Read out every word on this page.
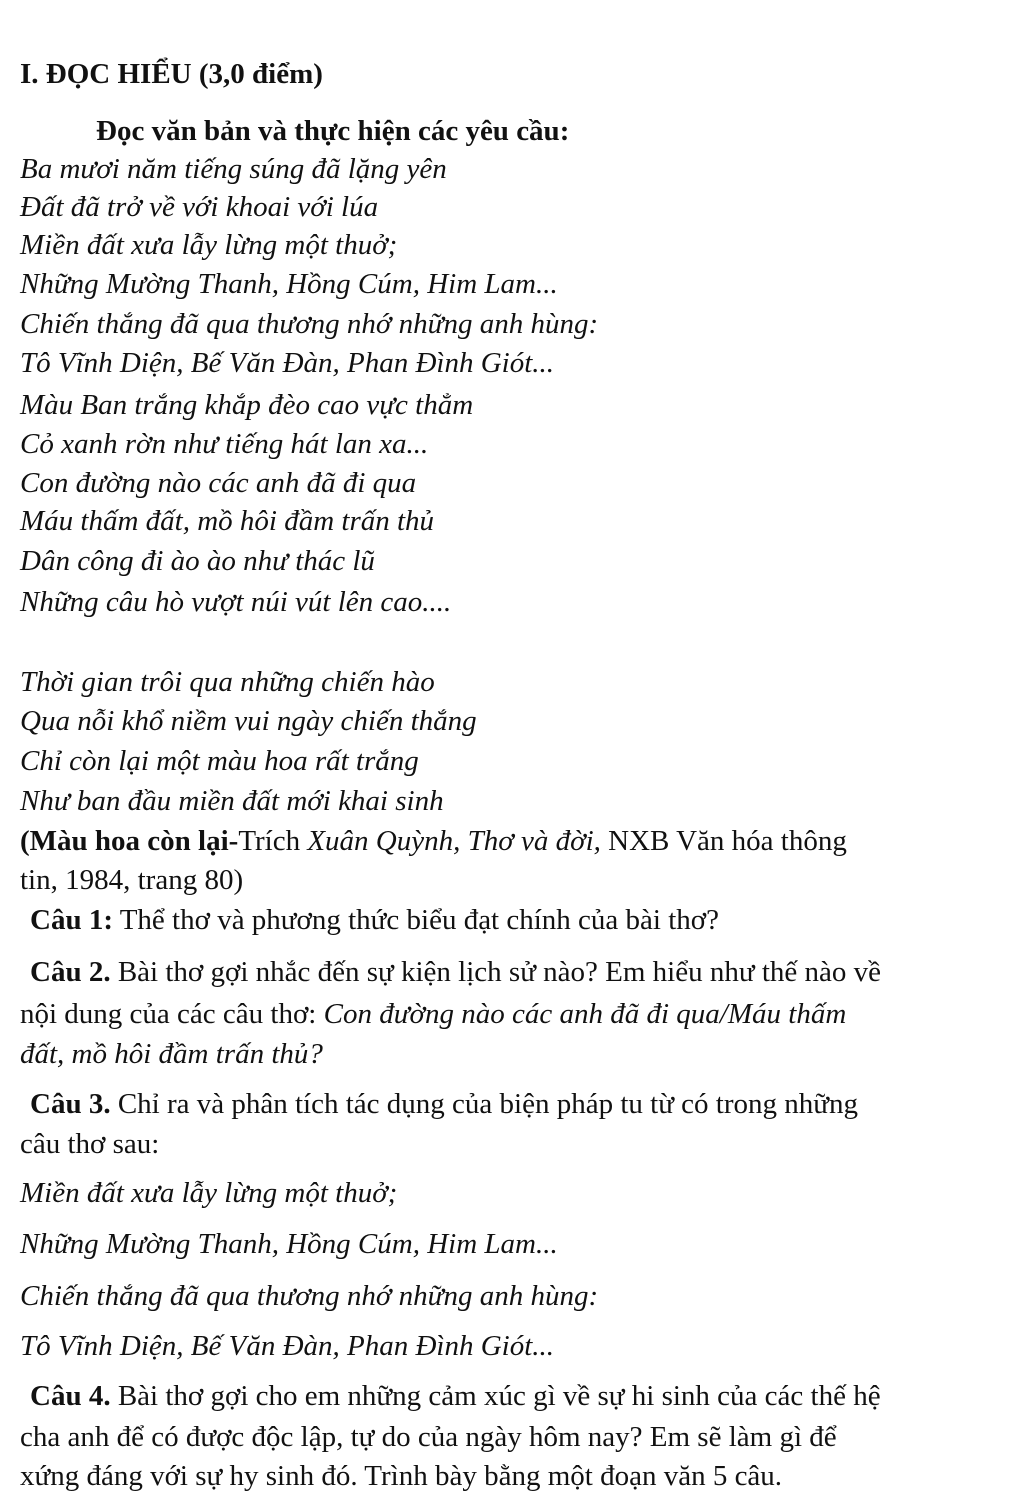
I. ĐỌC HIỂU (3,0 điểm)
Đọc văn bản và thực hiện các yêu cầu:
Ba mươi năm tiếng súng đã lặng yên
Đất đã trở về với khoai với lúa
Miền đất xưa lẫy lừng một thuở;
Những Mường Thanh, Hồng Cúm, Him Lam...
Chiến thắng đã qua thương nhớ những anh hùng:
Tô Vĩnh Diện, Bế Văn Đàn, Phan Đình Giót...
Màu Ban trắng khắp đèo cao vực thẳm
Cỏ xanh rờn như tiếng hát lan xa...
Con đường nào các anh đã đi qua
Máu thấm đất, mồ hôi đầm trấn thủ
Dân công đi ào ào như thác lũ
Những câu hò vượt núi vút lên cao....
Thời gian trôi qua những chiến hào
Qua nỗi khổ niềm vui ngày chiến thắng
Chỉ còn lại một màu hoa rất trắng
Như ban đầu miền đất mới khai sinh
(Màu hoa còn lại-Trích Xuân Quỳnh, Thơ và đời, NXB Văn hóa thông
tin, 1984, trang 80)
Câu 1: Thể thơ và phương thức biểu đạt chính của bài thơ?
Câu 2. Bài thơ gợi nhắc đến sự kiện lịch sử nào? Em hiểu như thế nào về
nội dung của các câu thơ: Con đường nào các anh đã đi qua/Máu thấm
đất, mồ hôi đầm trấn thủ?
Câu 3. Chỉ ra và phân tích tác dụng của biện pháp tu từ có trong những
câu thơ sau:
Miền đất xưa lẫy lừng một thuở;
Những Mường Thanh, Hồng Cúm, Him Lam...
Chiến thắng đã qua thương nhớ những anh hùng:
Tô Vĩnh Diện, Bế Văn Đàn, Phan Đình Giót...
Câu 4. Bài thơ gợi cho em những cảm xúc gì về sự hi sinh của các thế hệ
cha anh để có được độc lập, tự do của ngày hôm nay? Em sẽ làm gì để
xứng đáng với sự hy sinh đó. Trình bày bằng một đoạn văn 5 câu.
